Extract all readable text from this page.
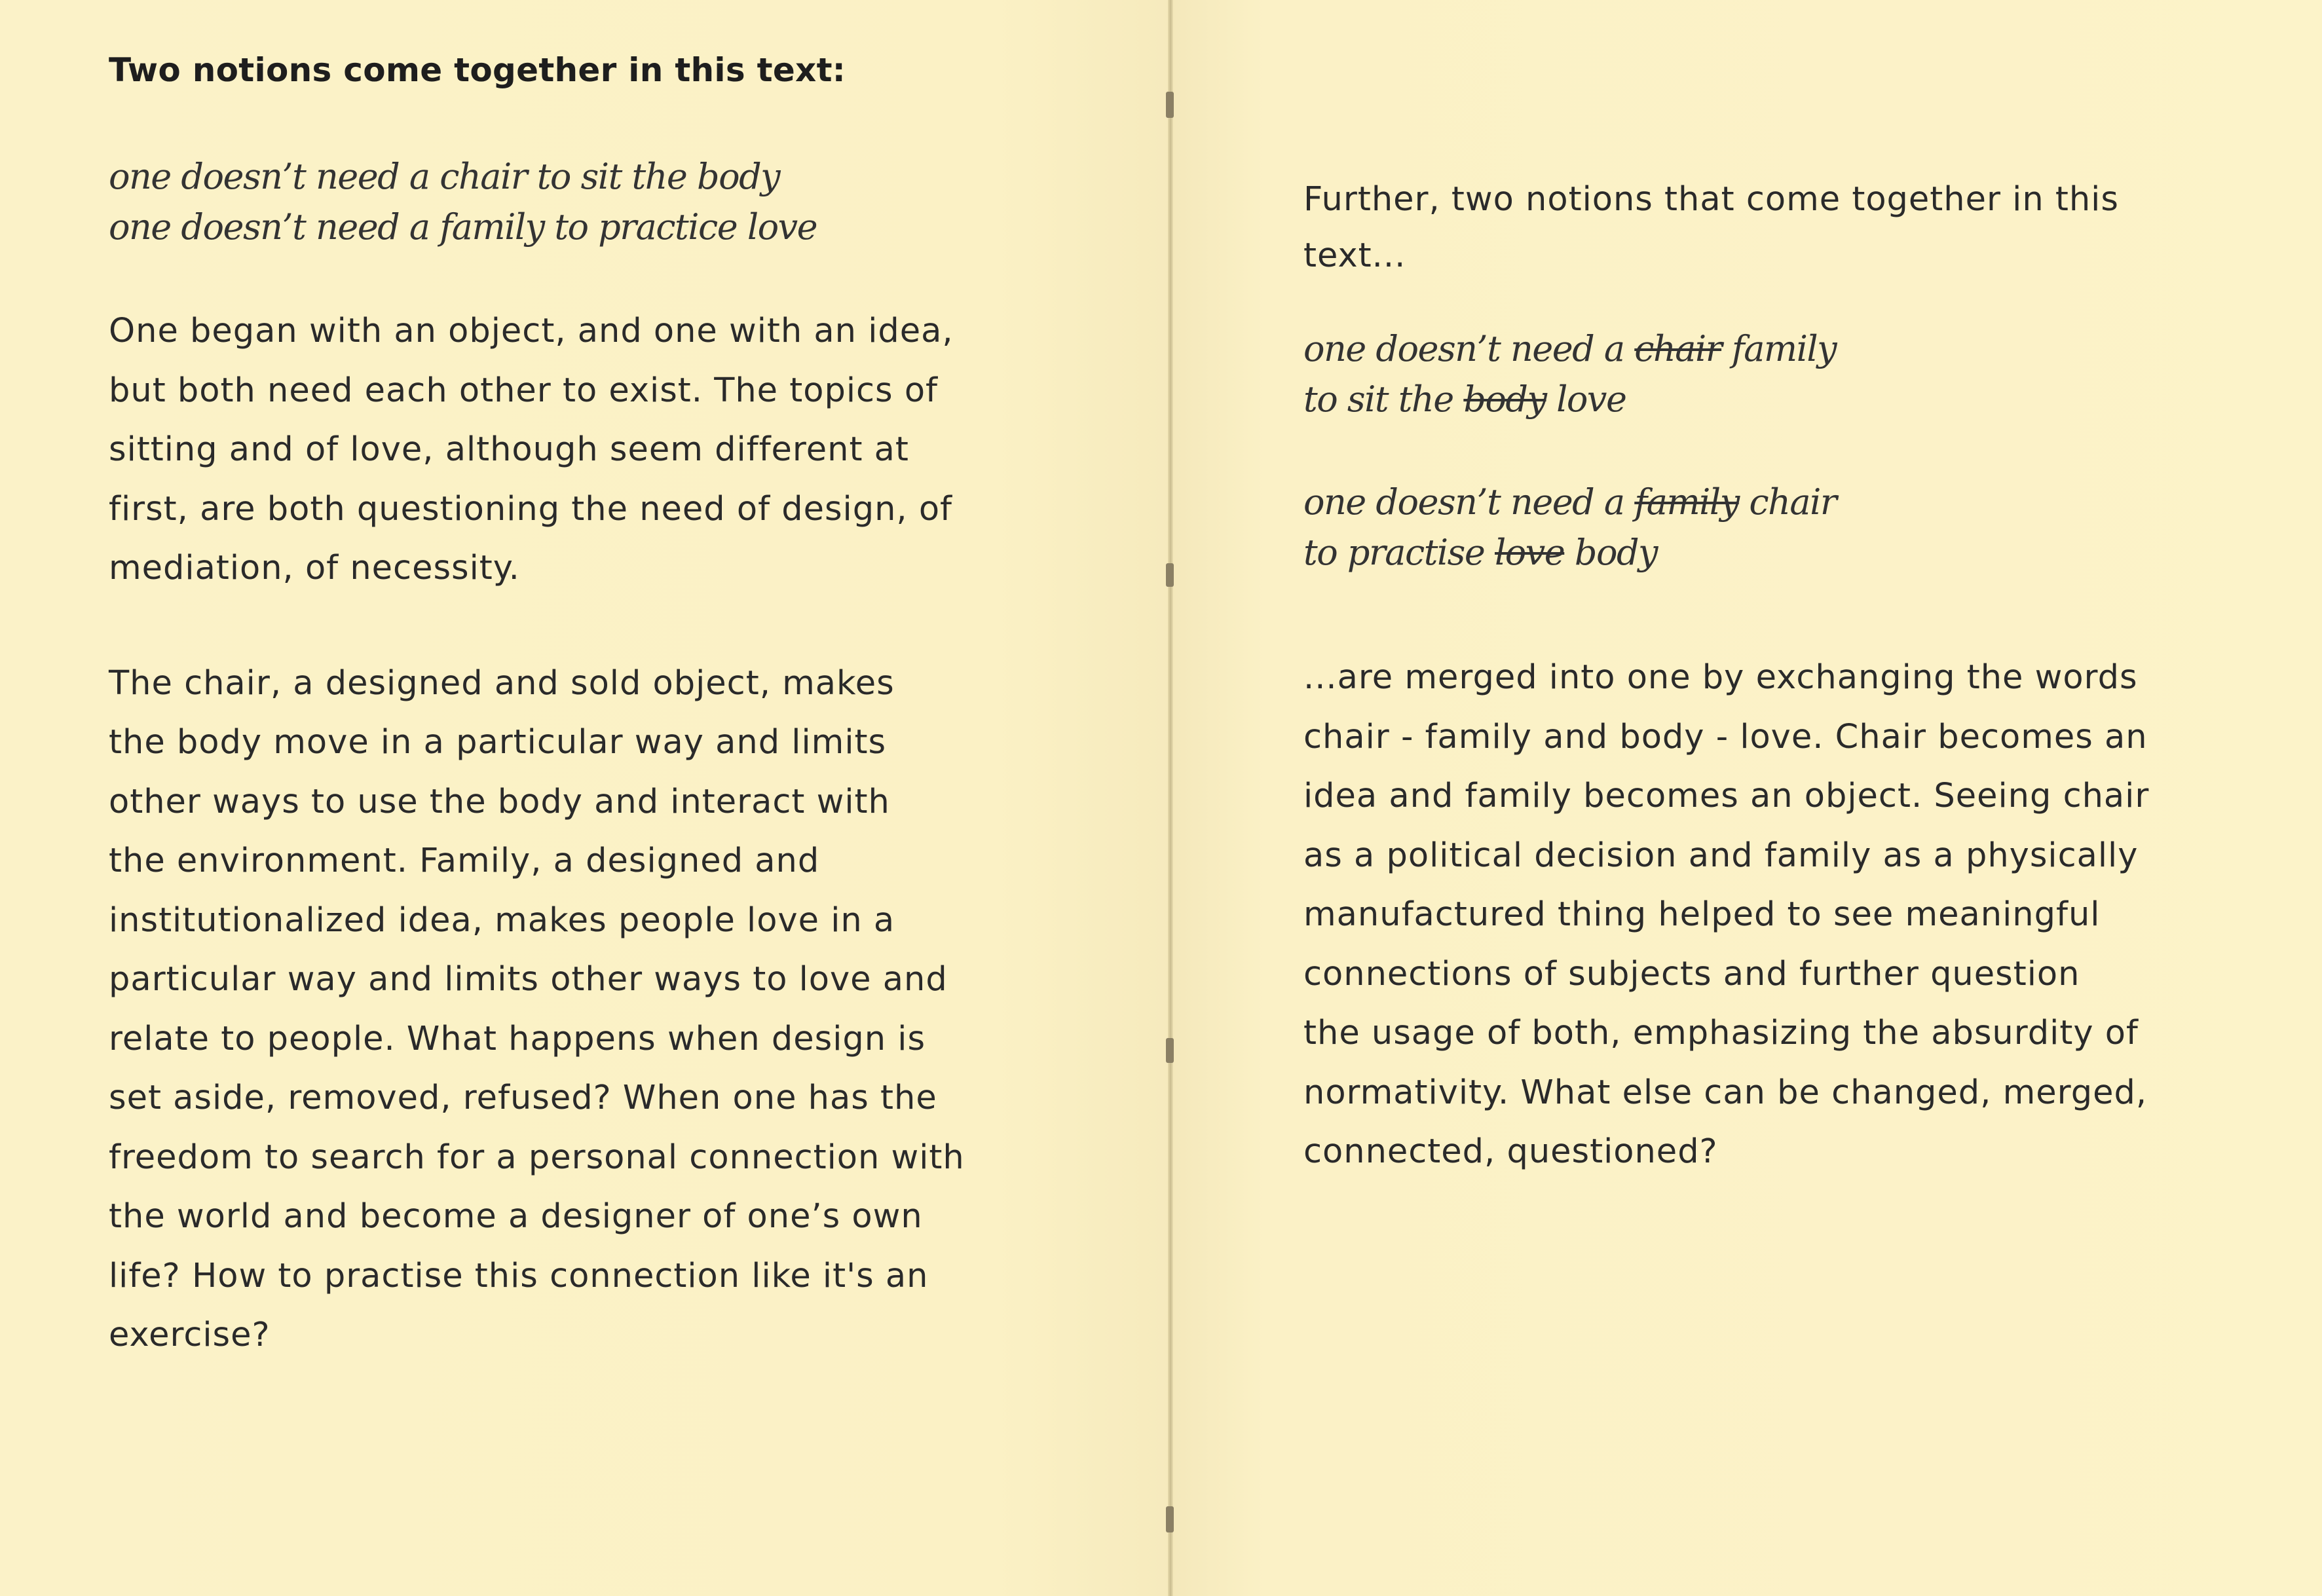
Two notions come together in this text:
one doesn’t need a chair to sit the body
one doesn’t need a family to practice love
One began with an object, and one with an idea,
but both need each other to exist. The topics of
sitting and of love, although seem different at
first, are both questioning the need of design, of
mediation, of necessity.
The chair, a designed and sold object, makes
the body move in a particular way and limits
other ways to use the body and interact with
the environment. Family, a designed and
institutionalized idea, makes people love in a
particular way and limits other ways to love and
relate to people. What happens when design is
set aside, removed, refused? When one has the
freedom to search for a personal connection with
the world and become a designer of one’s own
life? How to practise this connection like it's an
exercise?
Further, two notions that come together in this
text...
one doesn’t need a chair family
to sit the body love
one doesn’t need a family chair
to practise love body
...are merged into one by exchanging the words
chair - family and body - love. Chair becomes an
idea and family becomes an object. Seeing chair
as a political decision and family as a physically
manufactured thing helped to see meaningful
connections of subjects and further question
the usage of both, emphasizing the absurdity of
normativity. What else can be changed, merged,
connected, questioned?
